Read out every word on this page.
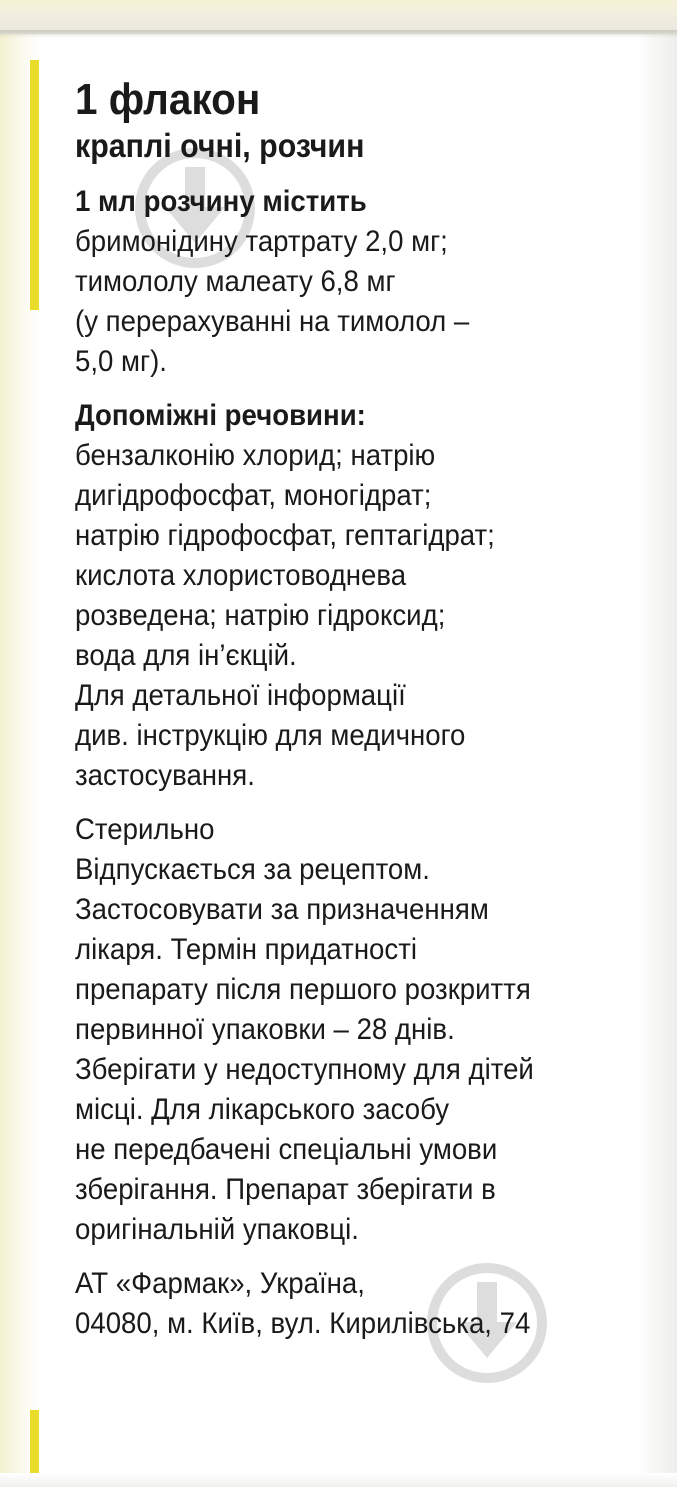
1 флакон
краплі очні, розчин
1 мл розчину містить
бримонідину тартрату 2,0 мг;
тимололу малеату 6,8 мг
(у перерахуванні на тимолол –
5,0 мг).
Допоміжні речовини:
бензалконію хлорид; натрію
дигідрофосфат, моногідрат;
натрію гідрофосфат, гептагідрат;
кислота хлористоводнева
розведена; натрію гідроксид;
вода для ін’єкцій.
Для детальної інформації
див. інструкцію для медичного
застосування.
Стерильно
Відпускається за рецептом.
Застосовувати за призначенням
лікаря. Термін придатності
препарату після першого розкриття
первинної упаковки – 28 днів.
Зберігати у недоступному для дітей
місці. Для лікарського засобу
не передбачені спеціальні умови
зберігання. Препарат зберігати в
оригінальній упаковці.
АТ «Фармак», Україна,
04080, м. Київ, вул. Кирилівська, 74
